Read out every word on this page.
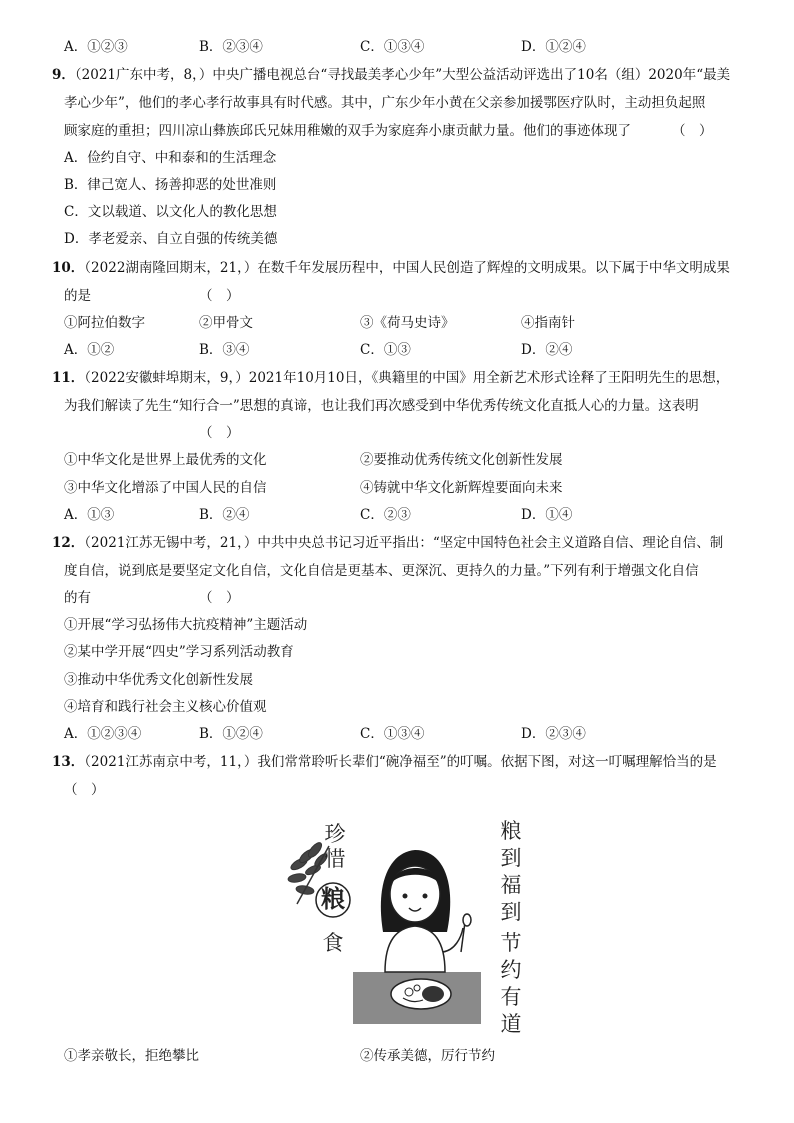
A．①②③	B．②③④	C．①③④	D．①②④
9．（2021广东中考，8，）中央广播电视总台“寻找最美孝心少年”大型公益活动评选出了10名（组）2020年“最美
孝心少年”，他们的孝心孝行故事具有时代感。其中，广东少年小黄在父亲参加援鄂医疗队时，主动担负起照
顾家庭的重担；四川凉山彝族邱氏兄妹用稚嫩的双手为家庭奔小康贡献力量。他们的事迹体现了	（　）
A．俭约自守、中和泰和的生活理念
B．律己宽人、扬善抑恶的处世准则
C．文以载道、以文化人的教化思想
D．孝老爱亲、自立自强的传统美德
10．（2022湖南隆回期末，21，）在数千年发展历程中，中国人民创造了辉煌的文明成果。以下属于中华文明成果
的是	（　）
①阿拉伯数字	②甲骨文	③《荷马史诗》	④指南针
A．①②	B．③④	C．①③	D．②④
11．（2022安徽蚌埠期末，9，）2021年10月10日，《典籍里的中国》用全新艺术形式诠释了王阳明先生的思想，
为我们解读了先生“知行合一”思想的真谛，也让我们再次感受到中华优秀传统文化直抵人心的力量。这表明
（　）
①中华文化是世界上最优秀的文化	②要推动优秀传统文化创新性发展
③中华文化增添了中国人民的自信	④铸就中华文化新辉煌要面向未来
A．①③	B．②④	C．②③	D．①④
12．（2021江苏无锡中考，21，）中共中央总书记习近平指出：“坚定中国特色社会主义道路自信、理论自信、制
度自信，说到底是要坚定文化自信，文化自信是更基本、更深沉、更持久的力量。”下列有利于增强文化自信
的有	（　）
①开展“学习弘扬伟大抗疫精神”主题活动
②某中学开展“四史”学习系列活动教育
③推动中华优秀文化创新性发展
④培育和践行社会主义核心价值观
A．①②③④	B．①②④	C．①③④	D．②③④
13．（2021江苏南京中考，11，）我们常常聆听长辈们“碗净福至”的叮嘱。依据下图，对这一叮嘱理解恰当的是
（　）
珍惜
粮
食
粮到福到
节约有道
①孝亲敬长，拒绝攀比	②传承美德，厉行节约
